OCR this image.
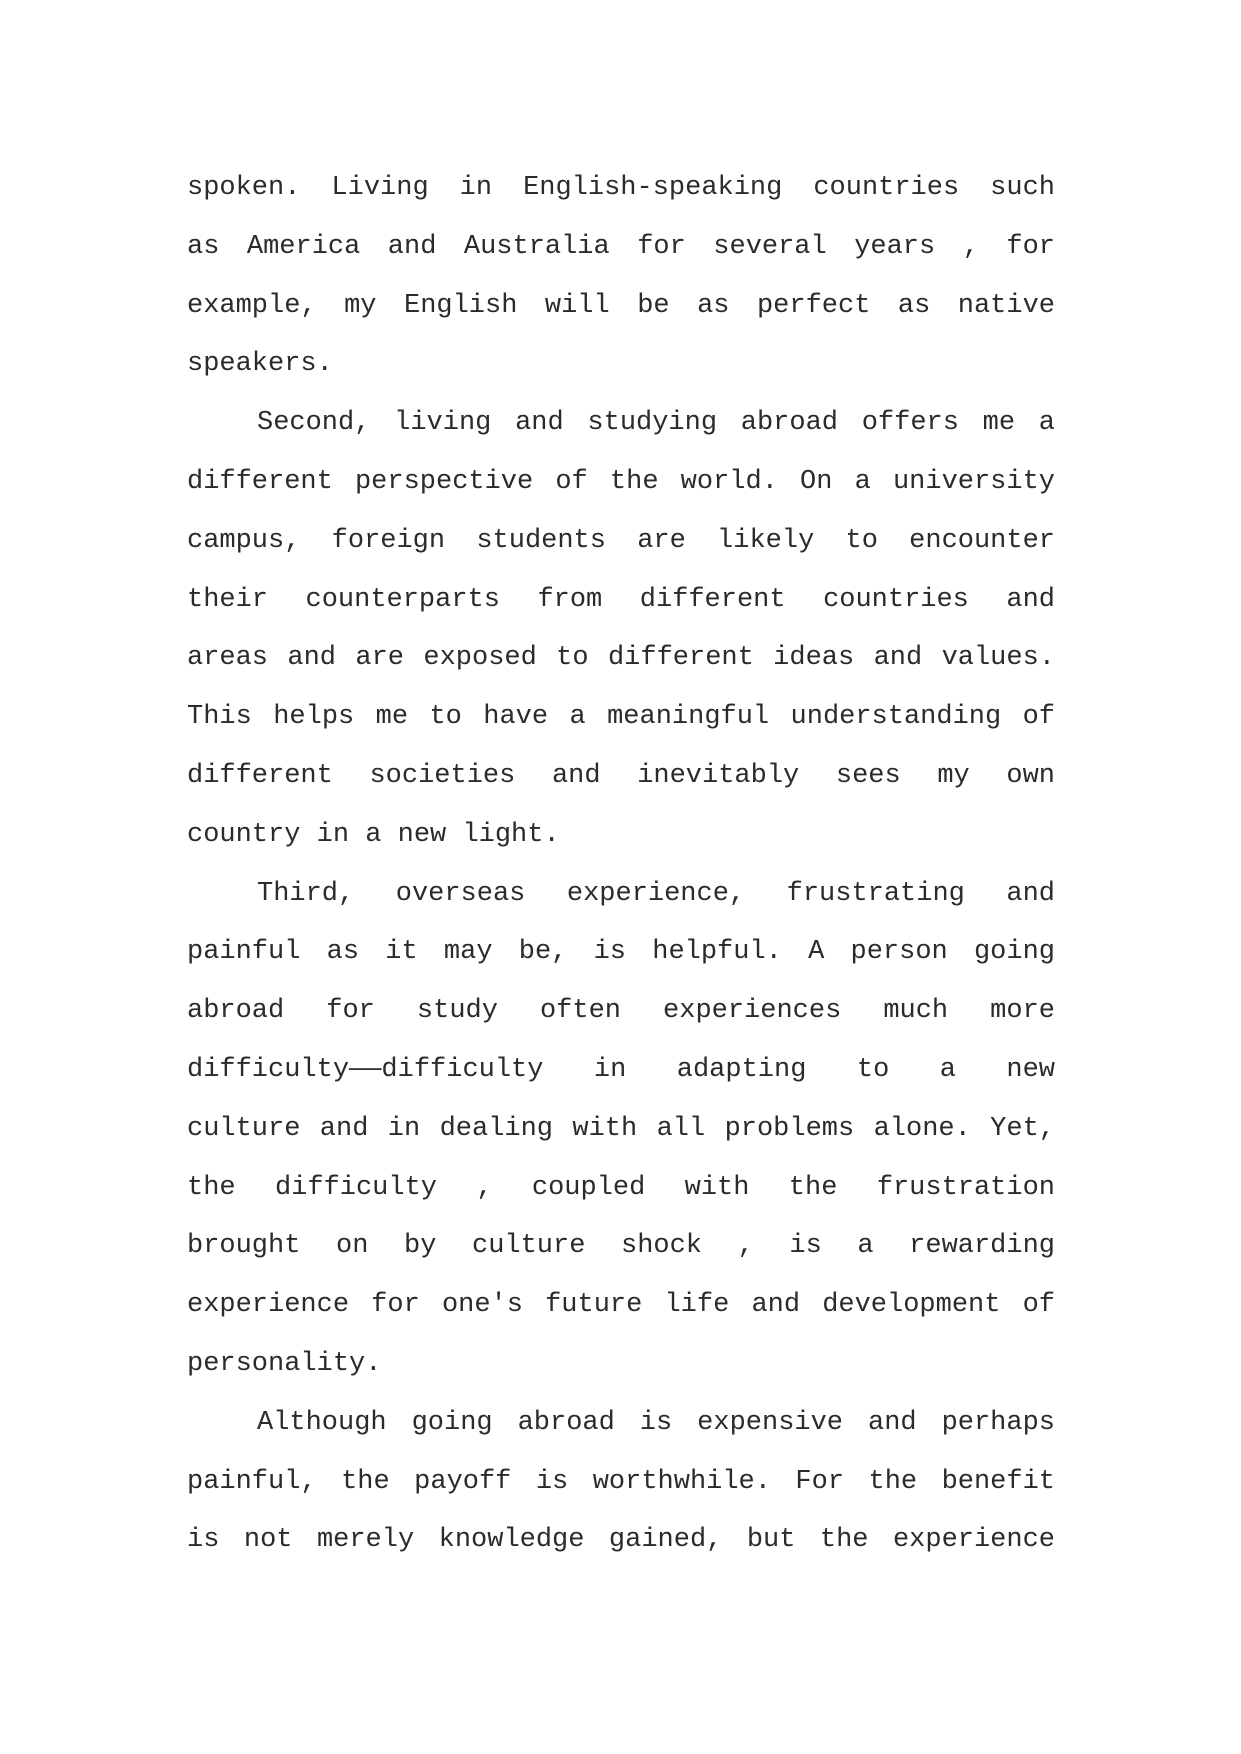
spoken. Living in English-speaking countries such
as America and Australia for several years , for
example, my English will be as perfect as native
speakers.
Second, living and studying abroad offers me a
different perspective of the world. On a university
campus, foreign students are likely to encounter
their counterparts from different countries and
areas and are exposed to different ideas and values.
This helps me to have a meaningful understanding of
different societies and inevitably sees my own
country in a new light.
Third, overseas experience, frustrating and
painful as it may be, is helpful. A person going
abroad for study often experiences much more
difficulty——difficulty in adapting to a new
culture and in dealing with all problems alone. Yet,
the difficulty , coupled with the frustration
brought on by culture shock , is a rewarding
experience for one's future life and development of
personality.
Although going abroad is expensive and perhaps
painful, the payoff is worthwhile. For the benefit
is not merely knowledge gained, but the experience
